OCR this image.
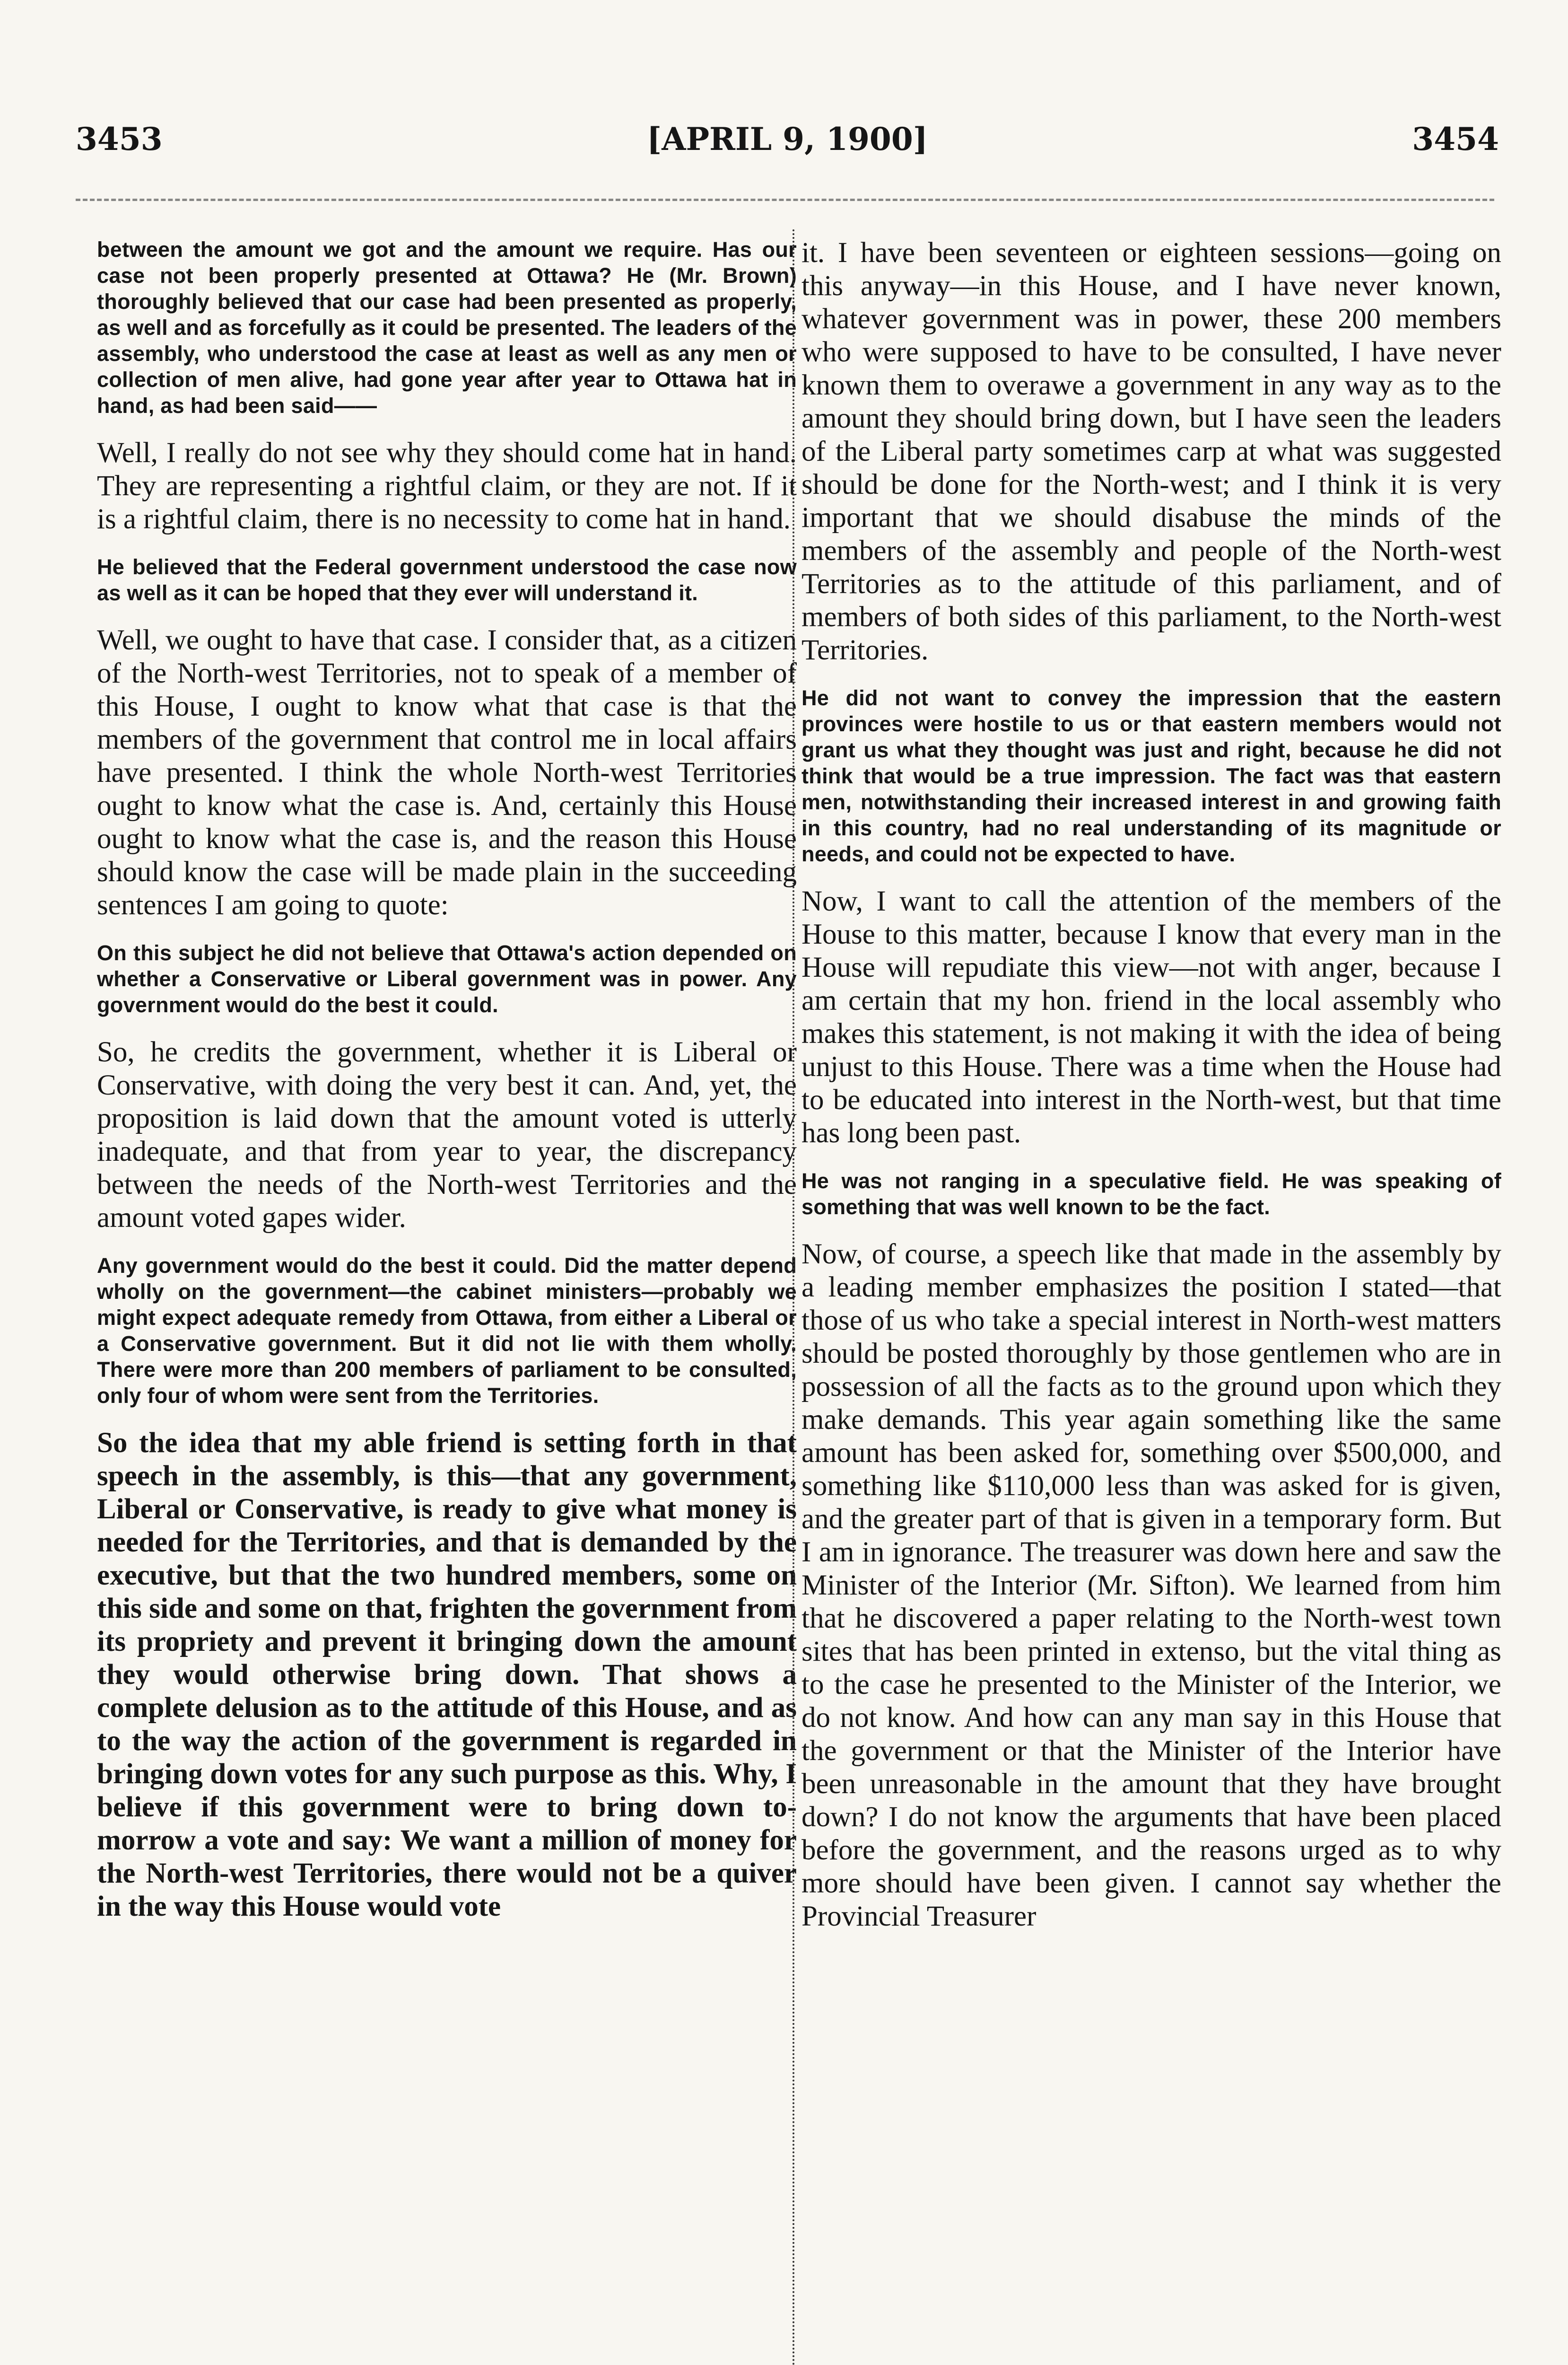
3453	[APRIL 9, 1900]	3454

between the amount we got and the amount we require. Has our case not been properly presented at Ottawa? He (Mr. Brown) thoroughly believed that our case had been presented as properly, as well and as forcefully as it could be presented. The leaders of the assembly, who understood the case at least as well as any men or collection of men alive, had gone year after year to Ottawa hat in hand, as had been said——

Well, I really do not see why they should come hat in hand. They are representing a rightful claim, or they are not. If it is a rightful claim, there is no necessity to come hat in hand.

He believed that the Federal government understood the case now as well as it can be hoped that they ever will understand it.

Well, we ought to have that case. I consider that, as a citizen of the North-west Territories, not to speak of a member of this House, I ought to know what that case is that the members of the government that control me in local affairs have presented. I think the whole North-west Territories ought to know what the case is. And, certainly this House ought to know what the case is, and the reason this House should know the case will be made plain in the succeeding sentences I am going to quote:

On this subject he did not believe that Ottawa's action depended on whether a Conservative or Liberal government was in power. Any government would do the best it could.

So, he credits the government, whether it is Liberal or Conservative, with doing the very best it can. And, yet, the proposition is laid down that the amount voted is utterly inadequate, and that from year to year, the discrepancy between the needs of the North-west Territories and the amount voted gapes wider.

Any government would do the best it could. Did the matter depend wholly on the government—the cabinet ministers—probably we might expect adequate remedy from Ottawa, from either a Liberal or a Conservative government. But it did not lie with them wholly. There were more than 200 members of parliament to be consulted, only four of whom were sent from the Territories.

So the idea that my able friend is setting forth in that speech in the assembly, is this—that any government, Liberal or Conservative, is ready to give what money is needed for the Territories, and that is demanded by the executive, but that the two hundred members, some on this side and some on that, frighten the government from its propriety and prevent it bringing down the amount they would otherwise bring down. That shows a complete delusion as to the attitude of this House, and as to the way the action of the government is regarded in bringing down votes for any such purpose as this. Why, I believe if this government were to bring down to-morrow a vote and say: We want a million of money for the North-west Territories, there would not be a quiver in the way this House would vote

it. I have been seventeen or eighteen sessions—going on this anyway—in this House, and I have never known, whatever government was in power, these 200 members who were supposed to have to be consulted, I have never known them to overawe a government in any way as to the amount they should bring down, but I have seen the leaders of the Liberal party sometimes carp at what was suggested should be done for the North-west; and I think it is very important that we should disabuse the minds of the members of the assembly and people of the North-west Territories as to the attitude of this parliament, and of members of both sides of this parliament, to the North-west Territories.

He did not want to convey the impression that the eastern provinces were hostile to us or that eastern members would not grant us what they thought was just and right, because he did not think that would be a true impression. The fact was that eastern men, notwithstanding their increased interest in and growing faith in this country, had no real understanding of its magnitude or needs, and could not be expected to have.

Now, I want to call the attention of the members of the House to this matter, because I know that every man in the House will repudiate this view—not with anger, because I am certain that my hon. friend in the local assembly who makes this statement, is not making it with the idea of being unjust to this House. There was a time when the House had to be educated into interest in the North-west, but that time has long been past.

He was not ranging in a speculative field. He was speaking of something that was well known to be the fact.

Now, of course, a speech like that made in the assembly by a leading member emphasizes the position I stated—that those of us who take a special interest in North-west matters should be posted thoroughly by those gentlemen who are in possession of all the facts as to the ground upon which they make demands. This year again something like the same amount has been asked for, something over $500,000, and something like $110,000 less than was asked for is given, and the greater part of that is given in a temporary form. But I am in ignorance. The treasurer was down here and saw the Minister of the Interior (Mr. Sifton). We learned from him that he discovered a paper relating to the North-west town sites that has been printed in extenso, but the vital thing as to the case he presented to the Minister of the Interior, we do not know. And how can any man say in this House that the government or that the Minister of the Interior have been unreasonable in the amount that they have brought down? I do not know the arguments that have been placed before the government, and the reasons urged as to why more should have been given. I cannot say whether the Provincial Treasurer
